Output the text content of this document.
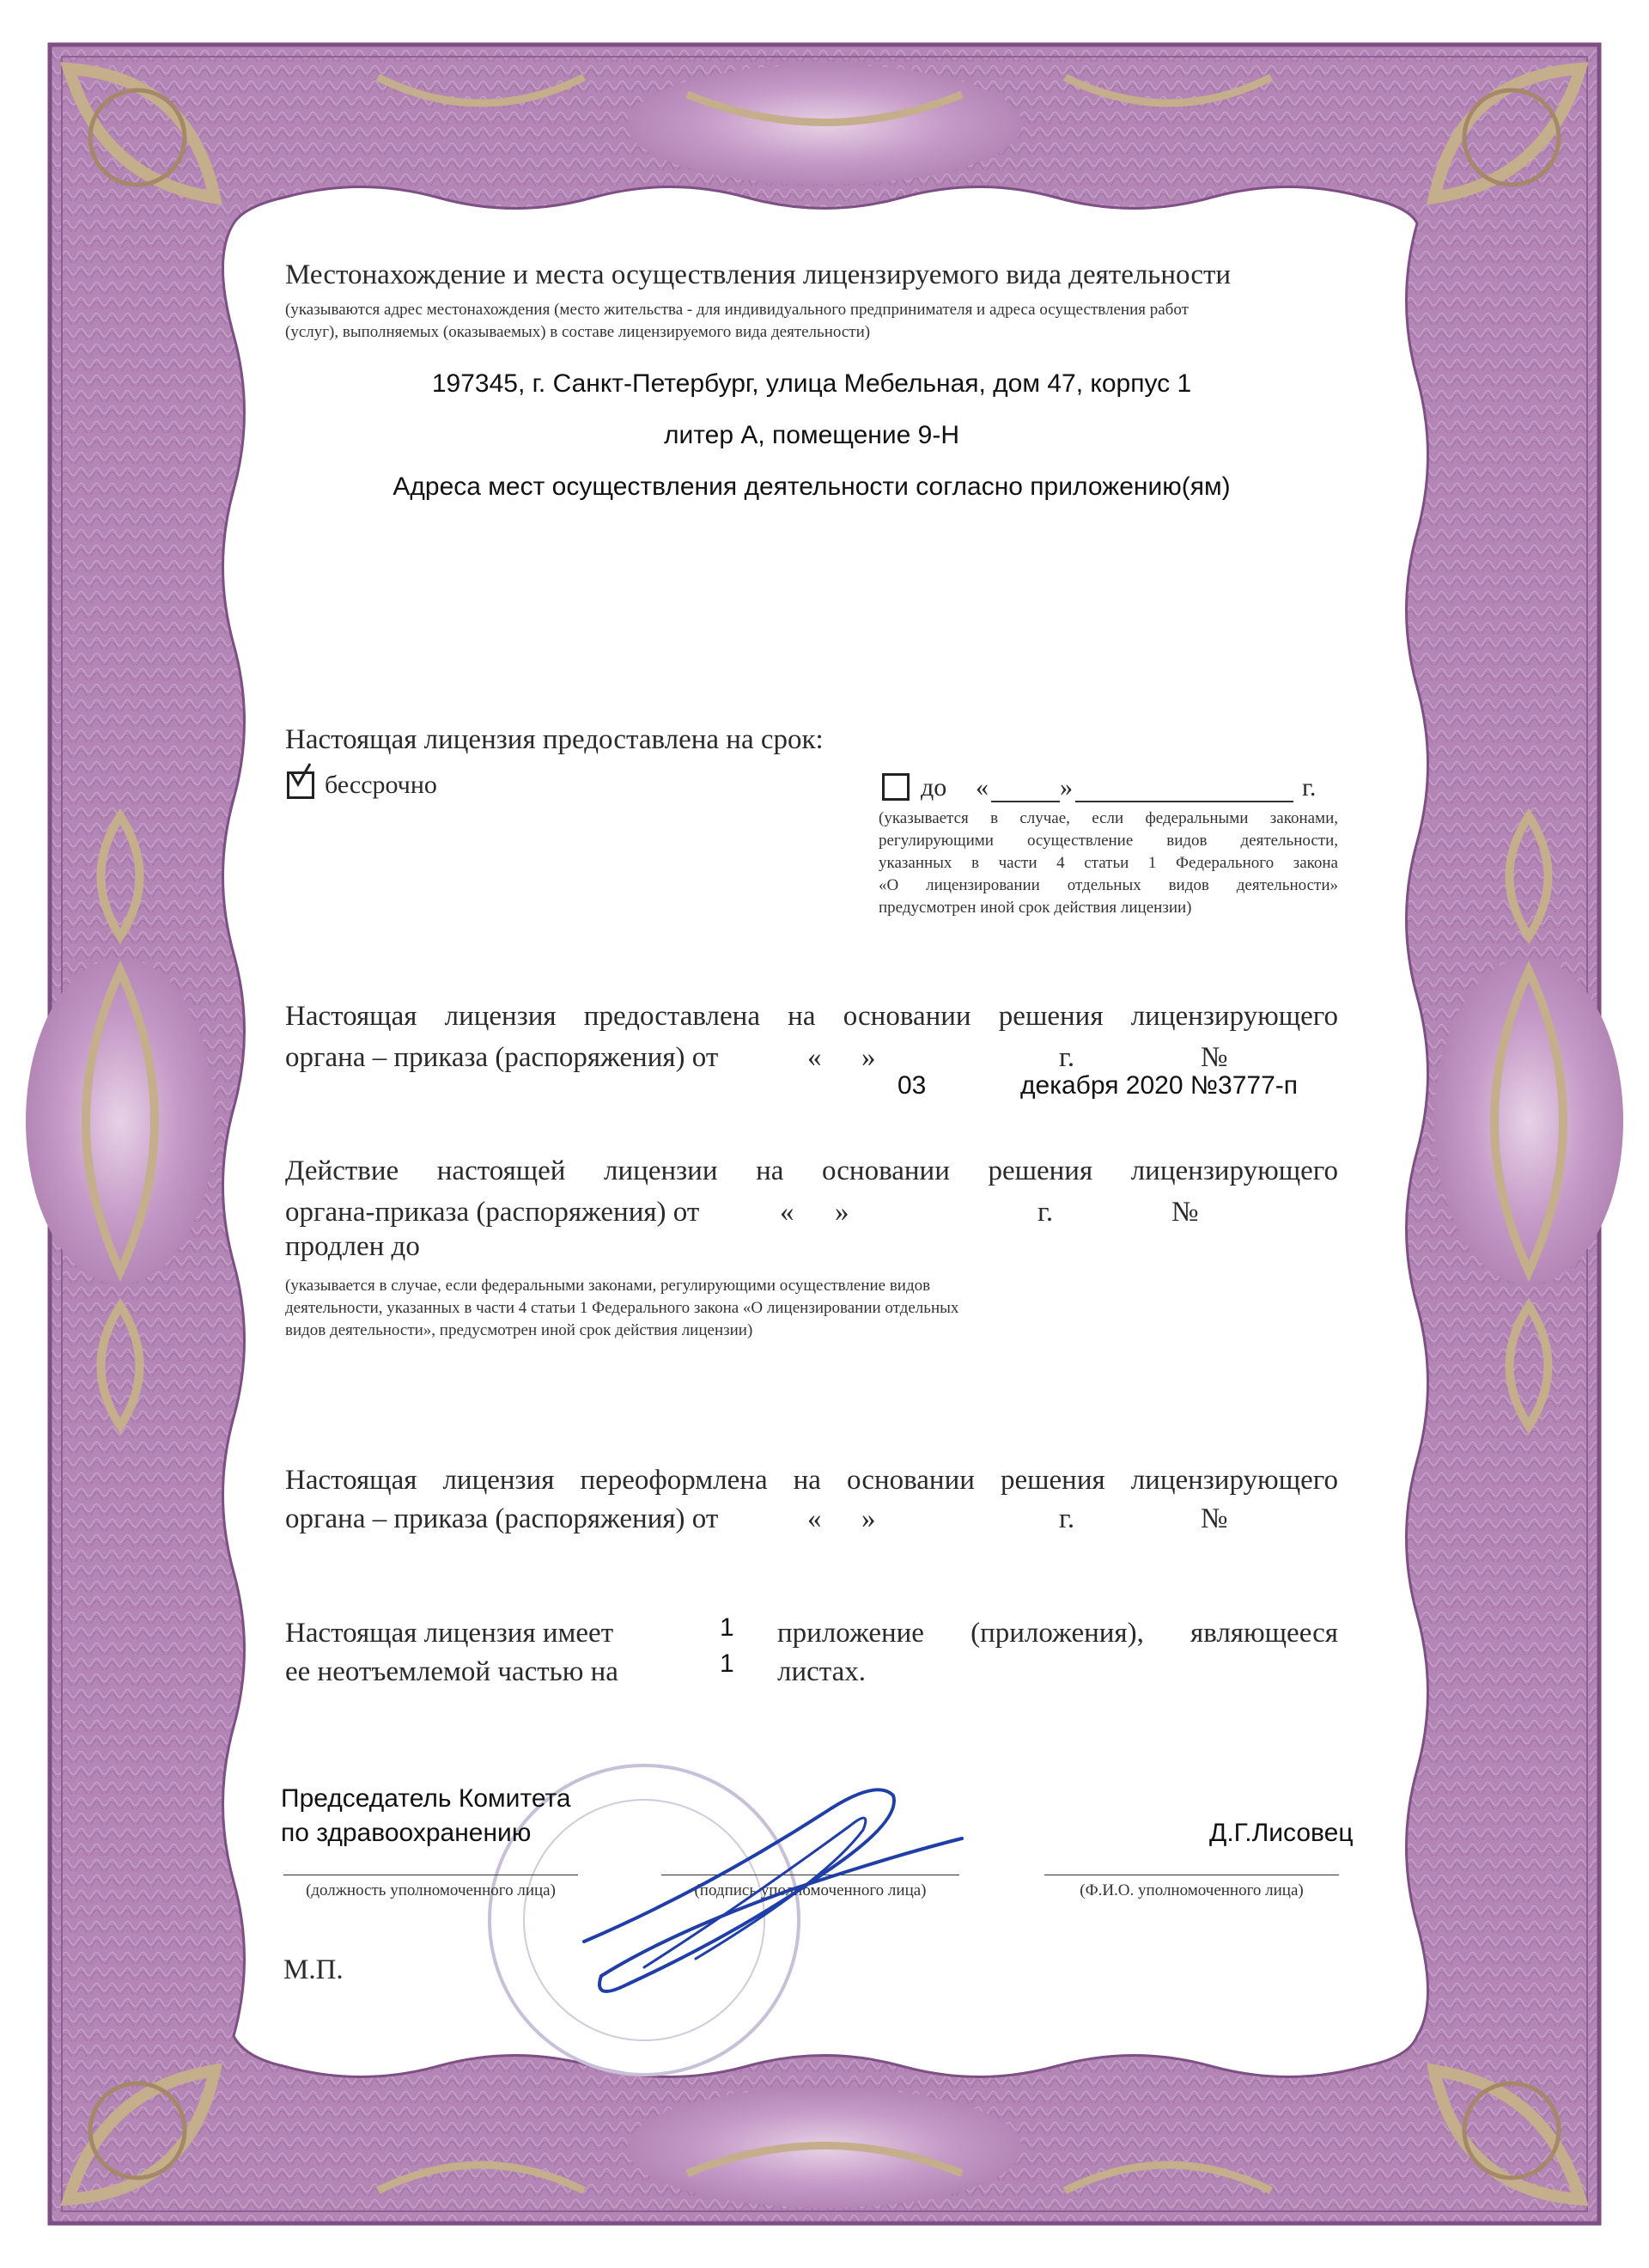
Местонахождение и места осуществления лицензируемого вида деятельности
(указываются адрес местонахождения (место жительства - для индивидуального предпринимателя и адреса осуществления работ
(услуг), выполняемых (оказываемых) в составе лицензируемого вида деятельности)
197345, г. Санкт-Петербург, улица Мебельная, дом 47, корпус 1
литер А, помещение 9-Н
Адреса мест осуществления деятельности согласно приложению(ям)
Настоящая лицензия предоставлена на срок:
бессрочно	до «	»	г.
(указывается в случае, если федеральными законами,
регулирующими осуществление видов деятельности,
указанных в части 4 статьи 1 Федерального закона
«О лицензировании отдельных видов деятельности»
предусмотрен иной срок действия лицензии)
Настоящая лицензия предоставлена на основании решения лицензирующего
органа – приказа (распоряжения) от	« »	г.	№
03	декабря 2020 №3777-п
Действие настоящей лицензии на основании решения лицензирующего
органа-приказа (распоряжения) от	« »	г.	№
продлен до
(указывается в случае, если федеральными законами, регулирующими осуществление видов
деятельности, указанных в части 4 статьи 1 Федерального закона «О лицензировании отдельных
видов деятельности», предусмотрен иной срок действия лицензии)
Настоящая лицензия переоформлена на основании решения лицензирующего
органа – приказа (распоряжения) от	« »	г.	№
Настоящая лицензия имеет
ее неотъемлемой частью на
1
1
приложение (приложения), являющееся
листах.
Председатель Комитета
по здравоохранению	Д.Г.Лисовец
(должность уполномоченного лица)	(подпись уполномоченного лица)	(Ф.И.О. уполномоченного лица)
М.П.
